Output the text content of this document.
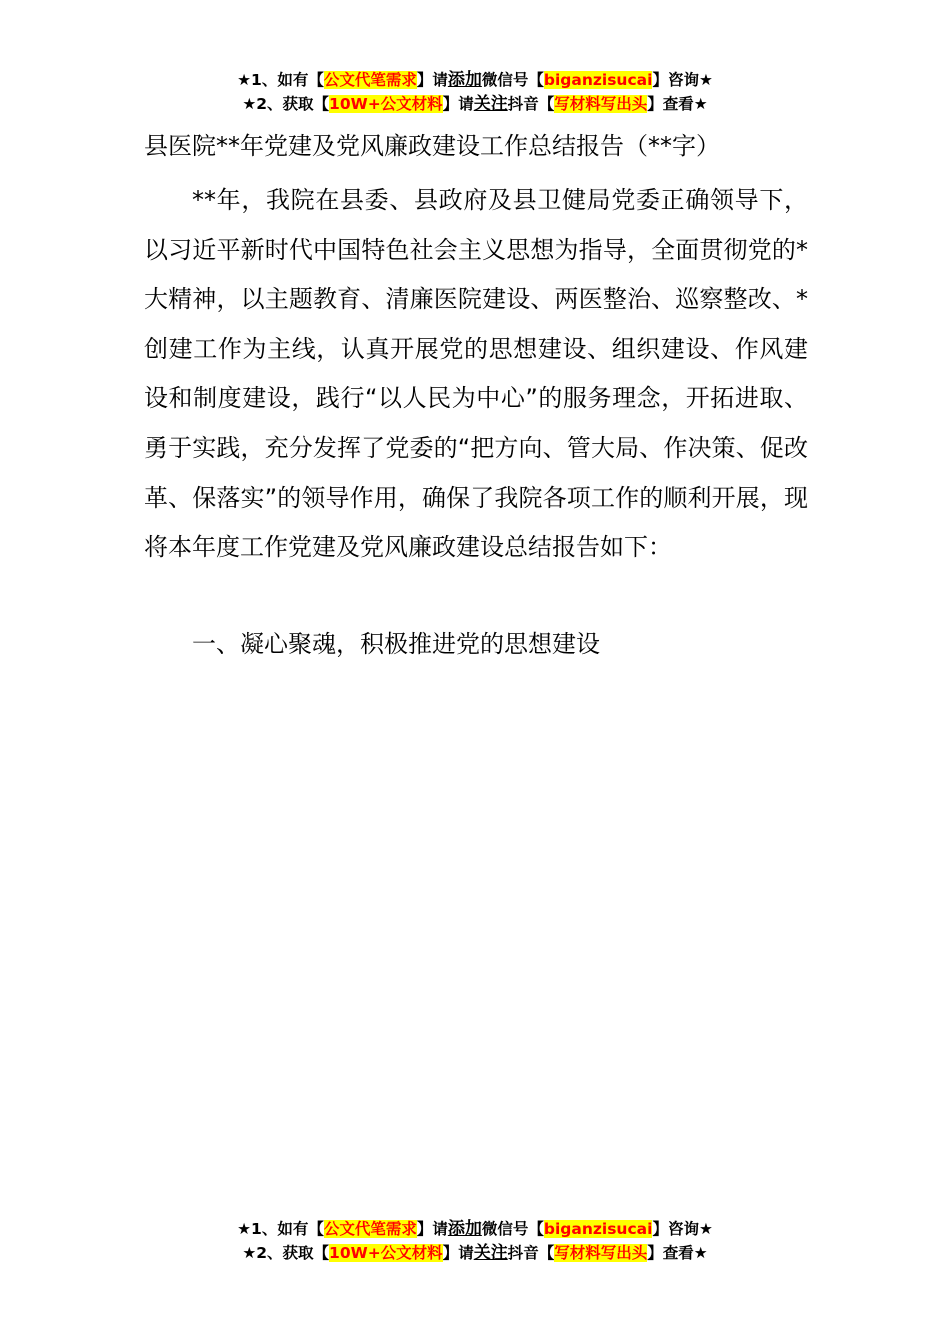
★1、如有【公文代笔需求】请添加微信号【biganzisucai】咨询★
★2、获取【10W+公文材料】请关注抖音【写材料写出头】查看★
县医院**年党建及党风廉政建设工作总结报告（**字）
**年，我院在县委、县政府及县卫健局党委正确领导下，以习近平新时代中国特色社会主义思想为指导，全面贯彻党的*大精神，以主题教育、清廉医院建设、两医整治、巡察整改、*创建工作为主线，认真开展党的思想建设、组织建设、作风建设和制度建设，践行“以人民为中心”的服务理念，开拓进取、勇于实践，充分发挥了党委的“把方向、管大局、作决策、促改革、保落实”的领导作用，确保了我院各项工作的顺利开展，现将本年度工作党建及党风廉政建设总结报告如下：
一、凝心聚魂，积极推进党的思想建设
★1、如有【公文代笔需求】请添加微信号【biganzisucai】咨询★
★2、获取【10W+公文材料】请关注抖音【写材料写出头】查看★
